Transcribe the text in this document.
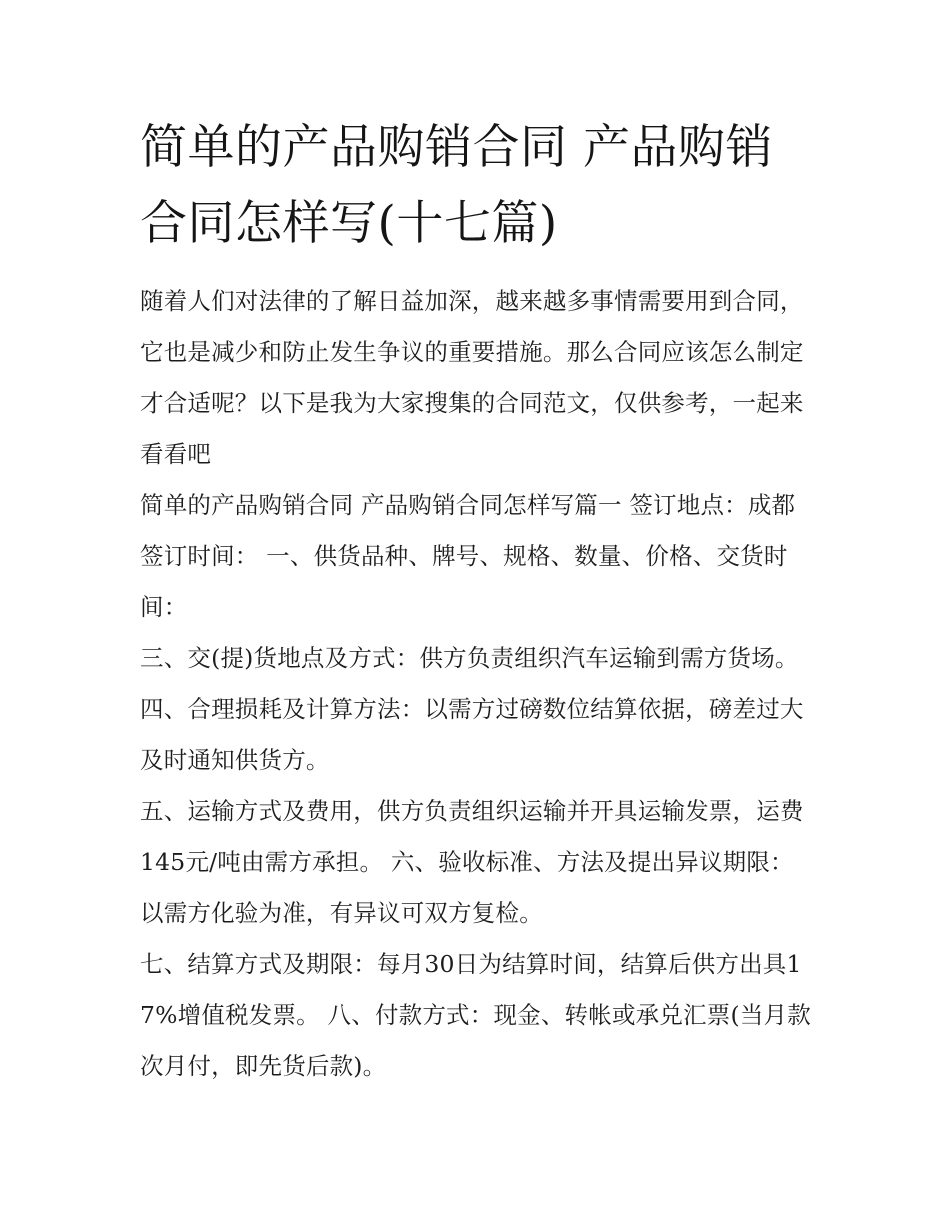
简单的产品购销合同 产品购销合同怎样写(十七篇)

随着人们对法律的了解日益加深，越来越多事情需要用到合同，它也是减少和防止发生争议的重要措施。那么合同应该怎么制定才合适呢？以下是我为大家搜集的合同范文，仅供参考，一起来看看吧

简单的产品购销合同 产品购销合同怎样写篇一 签订地点：成都签订时间： 一、供货品种、牌号、规格、数量、价格、交货时间：

三、交(提)货地点及方式：供方负责组织汽车运输到需方货场。 四、合理损耗及计算方法：以需方过磅数位结算依据，磅差过大及时通知供货方。

五、运输方式及费用，供方负责组织运输并开具运输发票，运费145元/吨由需方承担。 六、验收标准、方法及提出异议期限：以需方化验为准，有异议可双方复检。

七、结算方式及期限：每月30日为结算时间，结算后供方出具17%增值税发票。 八、付款方式：现金、转帐或承兑汇票(当月款次月付，即先货后款)。
